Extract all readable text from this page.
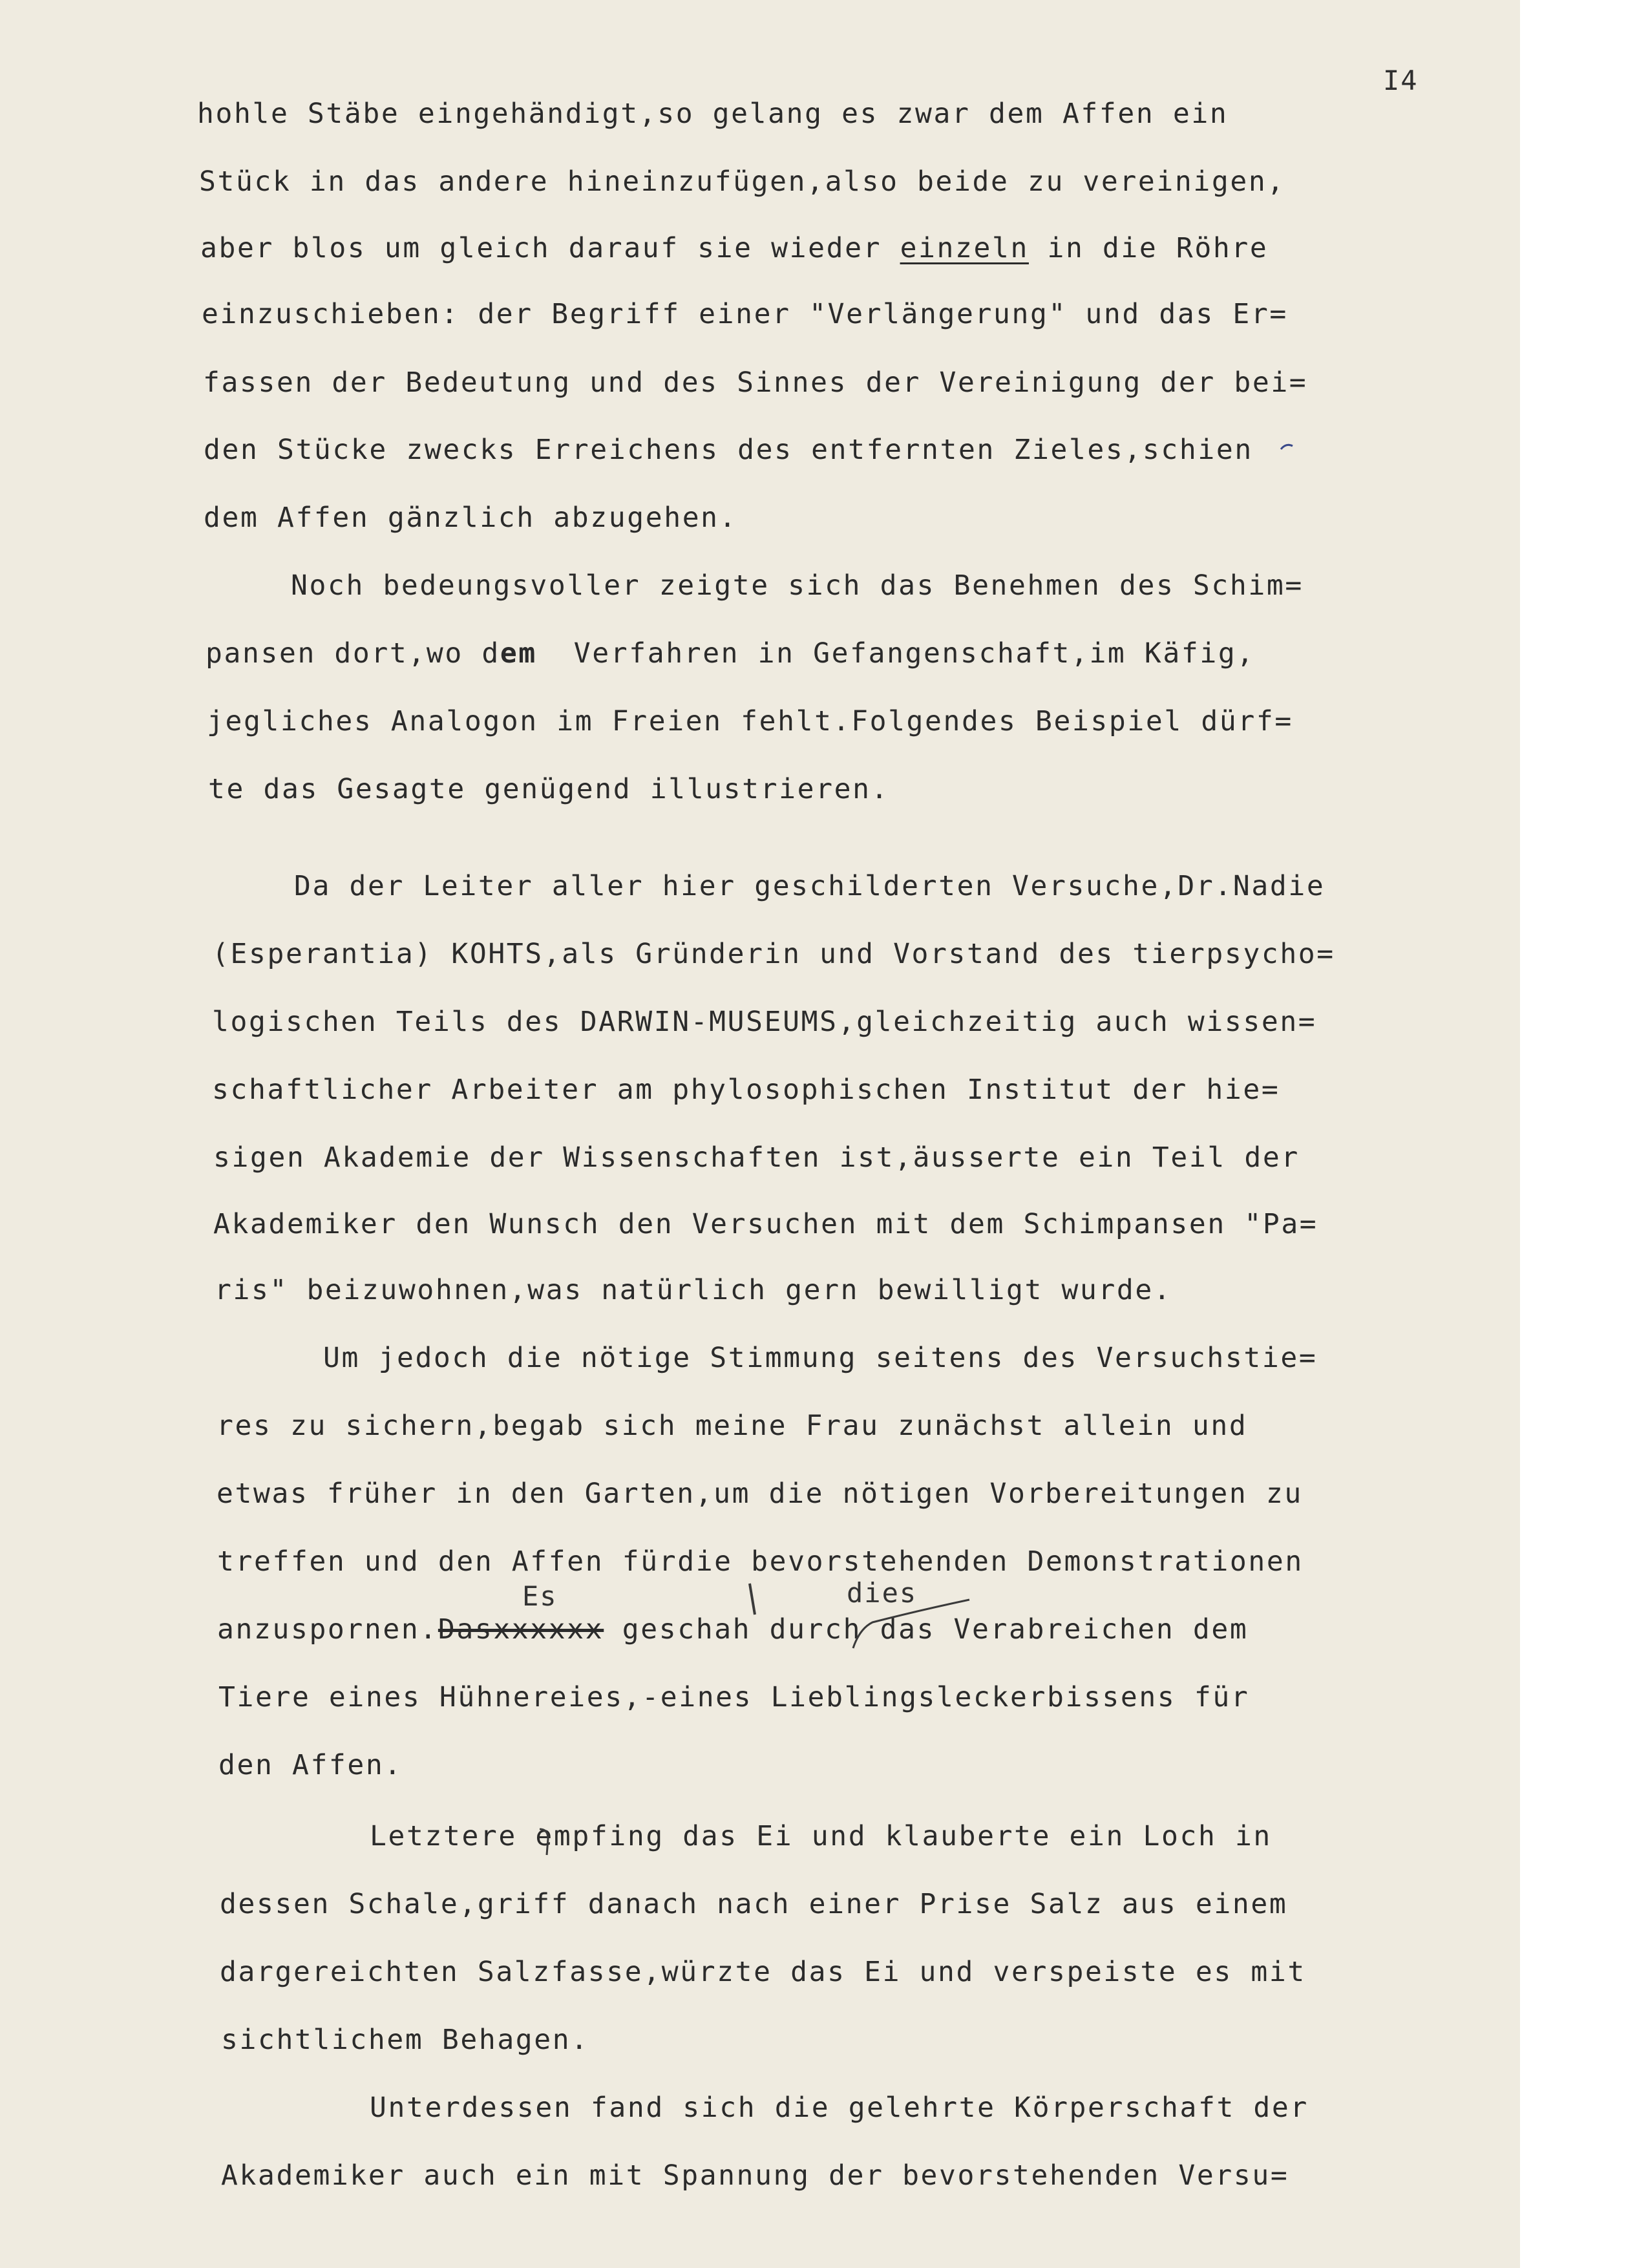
I4
hohle Stäbe eingehändigt,so gelang es zwar dem Affen ein
Stück in das andere hineinzufügen,also beide zu vereinigen,
aber blos um gleich darauf sie wieder einzeln in die Röhre
einzuschieben: der Begriff einer "Verlängerung" und das Er=
fassen der Bedeutung und des Sinnes der Vereinigung der bei=
den Stücke zwecks Erreichens des entfernten Zieles,schien
dem Affen gänzlich abzugehen.
Noch bedeungsvoller zeigte sich das Benehmen des Schim=
pansen dort,wo dem  Verfahren in Gefangenschaft,im Käfig,
jegliches Analogon im Freien fehlt.Folgendes Beispiel dürf=
te das Gesagte genügend illustrieren.
Da der Leiter aller hier geschilderten Versuche,Dr.Nadie
(Esperantia) KOHTS,als Gründerin und Vorstand des tierpsycho=
logischen Teils des DARWIN-MUSEUMS,gleichzeitig auch wissen=
schaftlicher Arbeiter am phylosophischen Institut der hie=
sigen Akademie der Wissenschaften ist,äusserte ein Teil der
Akademiker den Wunsch den Versuchen mit dem Schimpansen "Pa=
ris" beizuwohnen,was natürlich gern bewilligt wurde.
Um jedoch die nötige Stimmung seitens des Versuchstie=
res zu sichern,begab sich meine Frau zunächst allein und
etwas früher in den Garten,um die nötigen Vorbereitungen zu
treffen und den Affen fürdie bevorstehenden Demonstrationen
anzuspornen.Dasxxxxxx geschah durch das Verabreichen dem
Tiere eines Hühnereies,-eines Lieblingsleckerbissens für
den Affen.
Letztere empfing das Ei und klauberte ein Loch in
dessen Schale,griff danach nach einer Prise Salz aus einem
dargereichten Salzfasse,würzte das Ei und verspeiste es mit
sichtlichem Behagen.
Unterdessen fand sich die gelehrte Körperschaft der
Akademiker auch ein mit Spannung der bevorstehenden Versu=
Es	dies
